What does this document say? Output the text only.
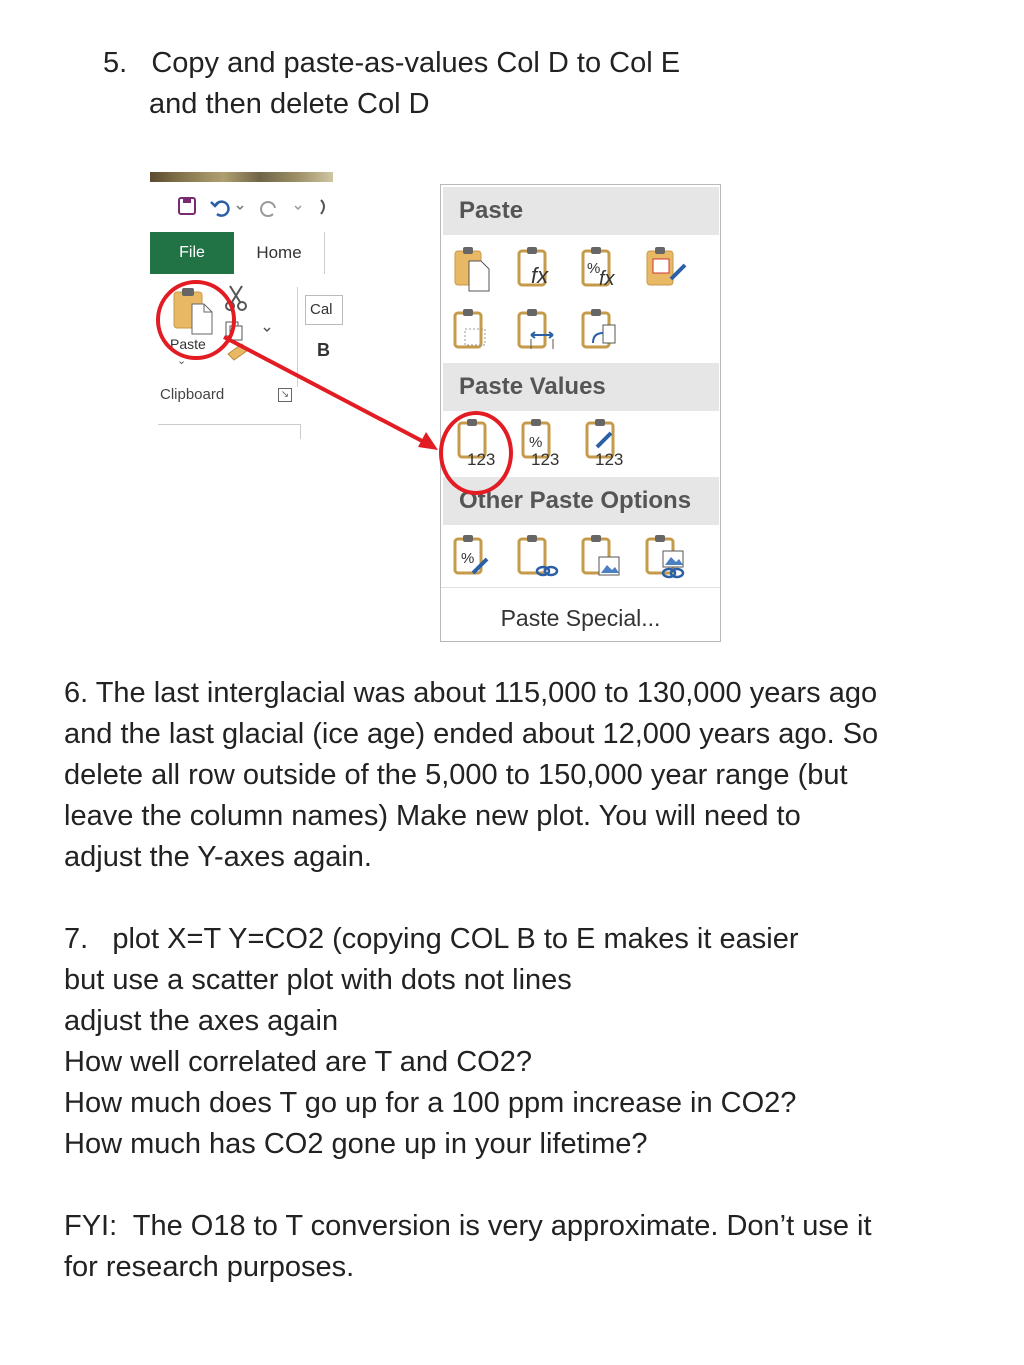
5.   Copy and paste-as-values Col D to Col E
and then delete Col D
File	Home
Paste
⌄
Cal
B
Clipboard	↘
Paste
fx	%
fx
Paste Values
123
%
123 123
Other Paste Options
%
Paste Special...
6. The last interglacial was about 115,000 to 130,000 years ago
and the last glacial (ice age) ended about 12,000 years ago. So
delete all row outside of the 5,000 to 150,000 year range (but
leave the column names) Make new plot. You will need to
adjust the Y-axes again.
7.   plot X=T Y=CO2 (copying COL B to E makes it easier
but use a scatter plot with dots not lines
adjust the axes again
How well correlated are T and CO2?
How much does T go up for a 100 ppm increase in CO2?
How much has CO2 gone up in your lifetime?
FYI:  The O18 to T conversion is very approximate. Don’t use it
for research purposes.
